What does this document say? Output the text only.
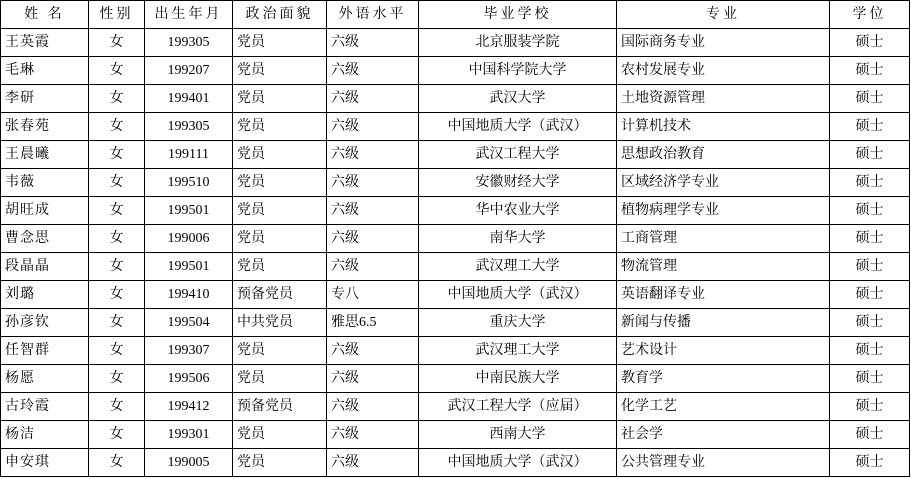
姓 名	性别	出生年月	政治面貌	外语水平	毕业学校	专业	学位
王英霞	女	199305	党员	六级	北京服装学院	国际商务专业	硕士
毛琳	女	199207	党员	六级	中国科学院大学	农村发展专业	硕士
李研	女	199401	党员	六级	武汉大学	土地资源管理	硕士
张春苑	女	199305	党员	六级	中国地质大学（武汉）	计算机技术	硕士
王晨曦	女	199111	党员	六级	武汉工程大学	思想政治教育	硕士
韦薇	女	199510	党员	六级	安徽财经大学	区域经济学专业	硕士
胡旺成	女	199501	党员	六级	华中农业大学	植物病理学专业	硕士
曹念思	女	199006	党员	六级	南华大学	工商管理	硕士
段晶晶	女	199501	党员	六级	武汉理工大学	物流管理	硕士
刘璐	女	199410	预备党员	专八	中国地质大学（武汉）	英语翻译专业	硕士
孙彦钦	女	199504	中共党员	雅思6.5	重庆大学	新闻与传播	硕士
任智群	女	199307	党员	六级	武汉理工大学	艺术设计	硕士
杨愿	女	199506	党员	六级	中南民族大学	教育学	硕士
古玲霞	女	199412	预备党员	六级	武汉工程大学（应届）	化学工艺	硕士
杨洁	女	199301	党员	六级	西南大学	社会学	硕士
申安琪	女	199005	党员	六级	中国地质大学（武汉）	公共管理专业	硕士
